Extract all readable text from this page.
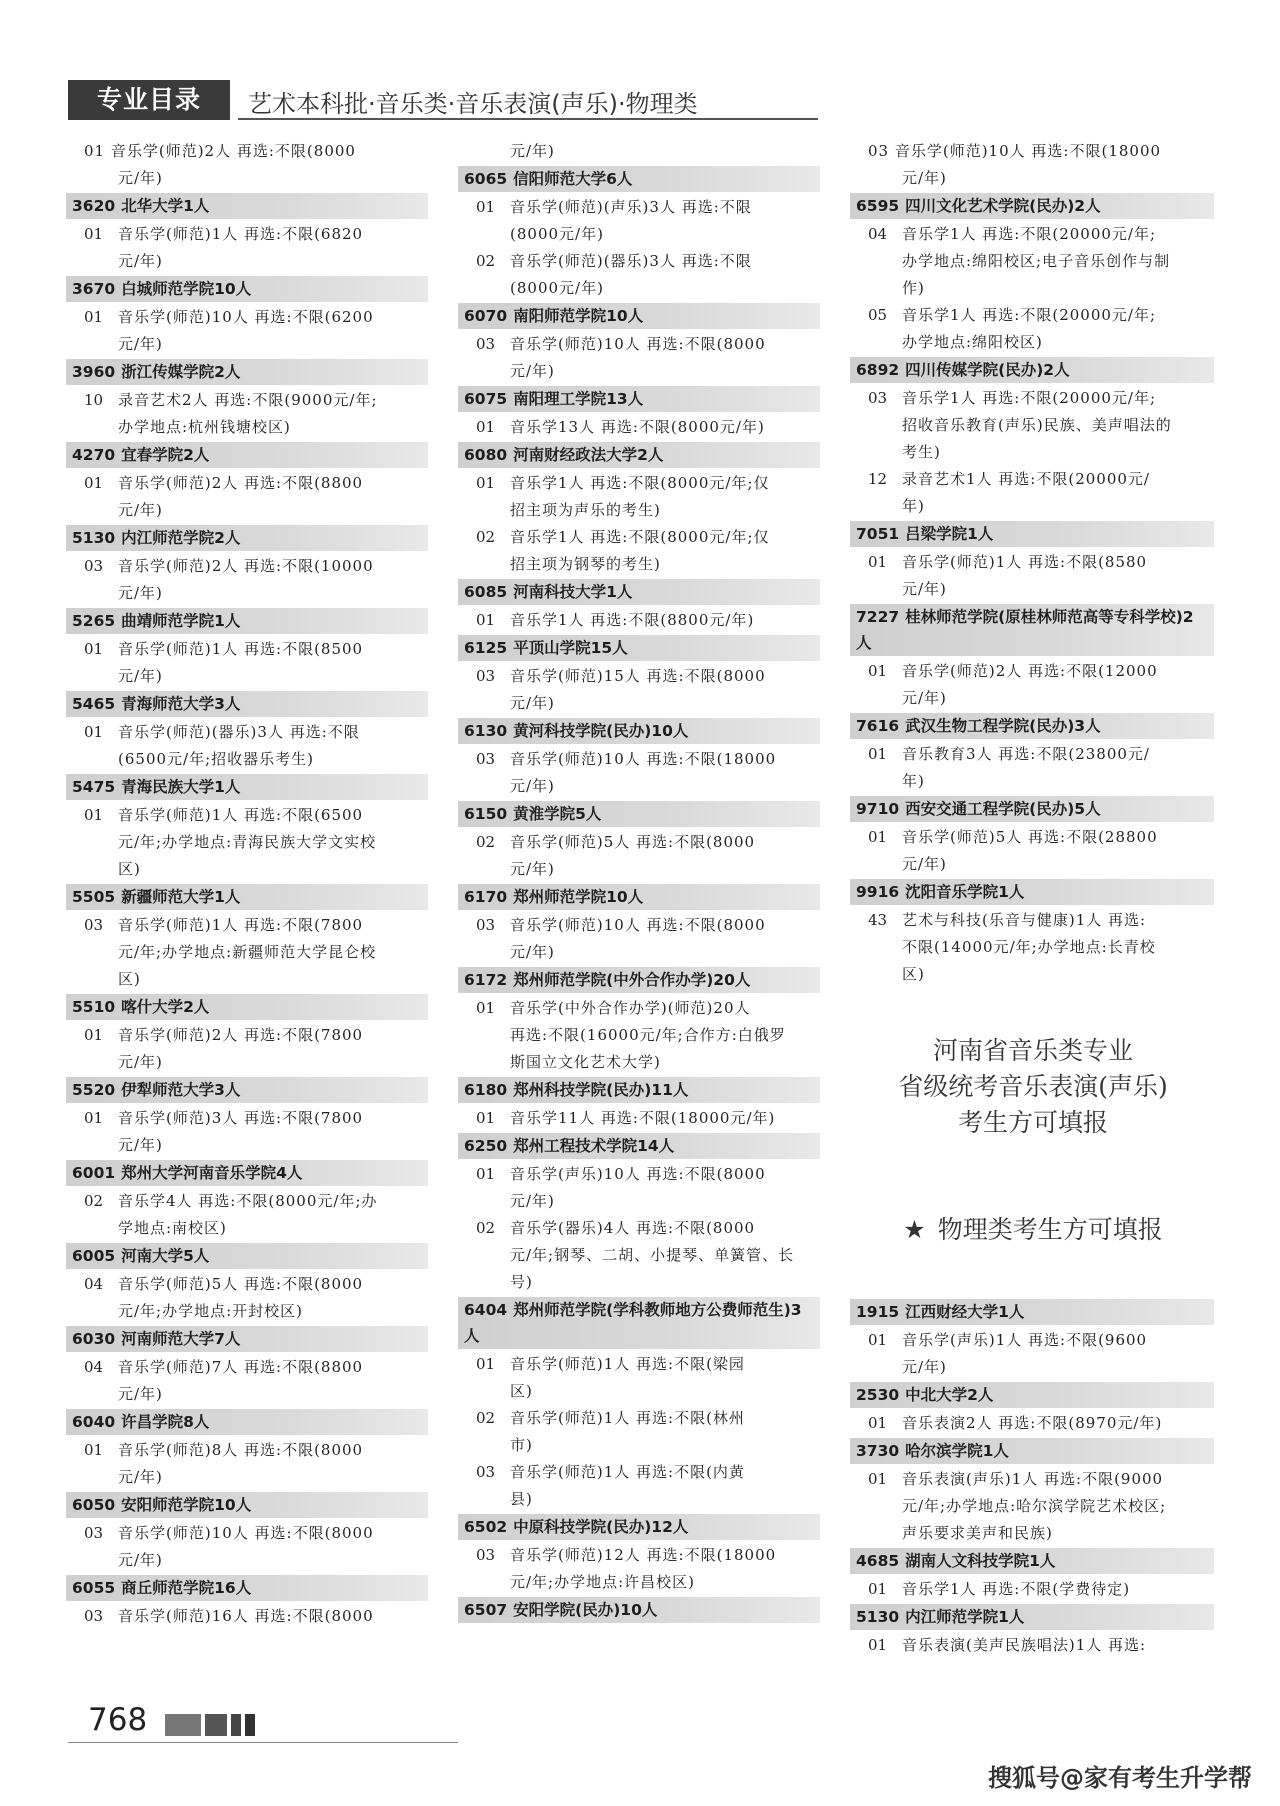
专业目录	艺术本科批·音乐类·音乐表演(声乐)·物理类
01 音乐学(师范)2人 再选:不限(8000
元/年)
3620 北华大学1人
01 音乐学(师范)1人 再选:不限(6820
元/年)
3670 白城师范学院10人
01 音乐学(师范)10人 再选:不限(6200
元/年)
3960 浙江传媒学院2人
10 录音艺术2人 再选:不限(9000元/年;
办学地点:杭州钱塘校区)
4270 宜春学院2人
01 音乐学(师范)2人 再选:不限(8800
元/年)
5130 内江师范学院2人
03 音乐学(师范)2人 再选:不限(10000
元/年)
5265 曲靖师范学院1人
01 音乐学(师范)1人 再选:不限(8500
元/年)
5465 青海师范大学3人
01 音乐学(师范)(器乐)3人 再选:不限
(6500元/年;招收器乐考生)
5475 青海民族大学1人
01 音乐学(师范)1人 再选:不限(6500
元/年;办学地点:青海民族大学文实校
区)
5505 新疆师范大学1人
03 音乐学(师范)1人 再选:不限(7800
元/年;办学地点:新疆师范大学昆仑校
区)
5510 喀什大学2人
01 音乐学(师范)2人 再选:不限(7800
元/年)
5520 伊犁师范大学3人
01 音乐学(师范)3人 再选:不限(7800
元/年)
6001 郑州大学河南音乐学院4人
02 音乐学4人 再选:不限(8000元/年;办
学地点:南校区)
6005 河南大学5人
04 音乐学(师范)5人 再选:不限(8000
元/年;办学地点:开封校区)
6030 河南师范大学7人
04 音乐学(师范)7人 再选:不限(8800
元/年)
6040 许昌学院8人
01 音乐学(师范)8人 再选:不限(8000
元/年)
6050 安阳师范学院10人
03 音乐学(师范)10人 再选:不限(8000
元/年)
6055 商丘师范学院16人
03 音乐学(师范)16人 再选:不限(8000
元/年)
6065 信阳师范大学6人
01 音乐学(师范)(声乐)3人 再选:不限
(8000元/年)
02 音乐学(师范)(器乐)3人 再选:不限
(8000元/年)
6070 南阳师范学院10人
03 音乐学(师范)10人 再选:不限(8000
元/年)
6075 南阳理工学院13人
01 音乐学13人 再选:不限(8000元/年)
6080 河南财经政法大学2人
01 音乐学1人 再选:不限(8000元/年;仅
招主项为声乐的考生)
02 音乐学1人 再选:不限(8000元/年;仅
招主项为钢琴的考生)
6085 河南科技大学1人
01 音乐学1人 再选:不限(8800元/年)
6125 平顶山学院15人
03 音乐学(师范)15人 再选:不限(8000
元/年)
6130 黄河科技学院(民办)10人
03 音乐学(师范)10人 再选:不限(18000
元/年)
6150 黄淮学院5人
02 音乐学(师范)5人 再选:不限(8000
元/年)
6170 郑州师范学院10人
03 音乐学(师范)10人 再选:不限(8000
元/年)
6172 郑州师范学院(中外合作办学)20人
01 音乐学(中外合作办学)(师范)20人
再选:不限(16000元/年;合作方:白俄罗
斯国立文化艺术大学)
6180 郑州科技学院(民办)11人
01 音乐学11人 再选:不限(18000元/年)
6250 郑州工程技术学院14人
01 音乐学(声乐)10人 再选:不限(8000
元/年)
02 音乐学(器乐)4人 再选:不限(8000
元/年;钢琴、二胡、小提琴、单簧管、长
号)
6404 郑州师范学院(学科教师地方公费师范生)3人
01 音乐学(师范)1人 再选:不限(梁园
区)
02 音乐学(师范)1人 再选:不限(林州
市)
03 音乐学(师范)1人 再选:不限(内黄
县)
6502 中原科技学院(民办)12人
03 音乐学(师范)12人 再选:不限(18000
元/年;办学地点:许昌校区)
6507 安阳学院(民办)10人
03 音乐学(师范)10人 再选:不限(18000
元/年)
6595 四川文化艺术学院(民办)2人
04 音乐学1人 再选:不限(20000元/年;
办学地点:绵阳校区;电子音乐创作与制
作)
05 音乐学1人 再选:不限(20000元/年;
办学地点:绵阳校区)
6892 四川传媒学院(民办)2人
03 音乐学1人 再选:不限(20000元/年;
招收音乐教育(声乐)民族、美声唱法的
考生)
12 录音艺术1人 再选:不限(20000元/
年)
7051 吕梁学院1人
01 音乐学(师范)1人 再选:不限(8580
元/年)
7227 桂林师范学院(原桂林师范高等专科学校)2人
01 音乐学(师范)2人 再选:不限(12000
元/年)
7616 武汉生物工程学院(民办)3人
01 音乐教育3人 再选:不限(23800元/
年)
9710 西安交通工程学院(民办)5人
01 音乐学(师范)5人 再选:不限(28800
元/年)
9916 沈阳音乐学院1人
43 艺术与科技(乐音与健康)1人 再选:
不限(14000元/年;办学地点:长青校
区)
1915 江西财经大学1人
01 音乐学(声乐)1人 再选:不限(9600
元/年)
2530 中北大学2人
01 音乐表演2人 再选:不限(8970元/年)
3730 哈尔滨学院1人
01 音乐表演(声乐)1人 再选:不限(9000
元/年;办学地点:哈尔滨学院艺术校区;
声乐要求美声和民族)
4685 湖南人文科技学院1人
01 音乐学1人 再选:不限(学费待定)
5130 内江师范学院1人
01 音乐表演(美声民族唱法)1人 再选:
河南省音乐类专业
省级统考音乐表演(声乐)
考生方可填报
★ 物理类考生方可填报
768
搜狐号@家有考生升学帮
